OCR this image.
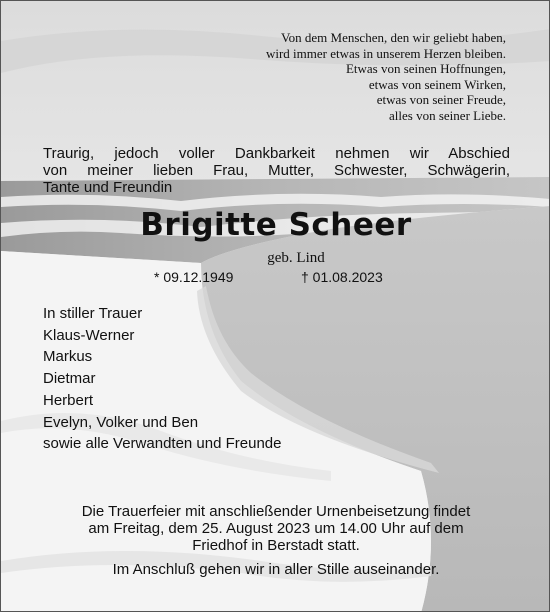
Von dem Menschen, den wir geliebt haben,
wird immer etwas in unserem Herzen bleiben.
Etwas von seinen Hoffnungen,
etwas von seinem Wirken,
etwas von seiner Freude,
alles von seiner Liebe.
Traurig, jedoch voller Dankbarkeit nehmen wir Abschied
von meiner lieben Frau, Mutter, Schwester, Schwägerin,
Tante und Freundin
Brigitte Scheer
geb. Lind
* 09.12.1949	† 01.08.2023
In stiller Trauer
Klaus-Werner
Markus
Dietmar
Herbert
Evelyn, Volker und Ben
sowie alle Verwandten und Freunde
Die Trauerfeier mit anschließender Urnenbeisetzung findet
am Freitag, dem 25. August 2023 um 14.00 Uhr auf dem
Friedhof in Berstadt statt.
Im Anschluß gehen wir in aller Stille auseinander.
